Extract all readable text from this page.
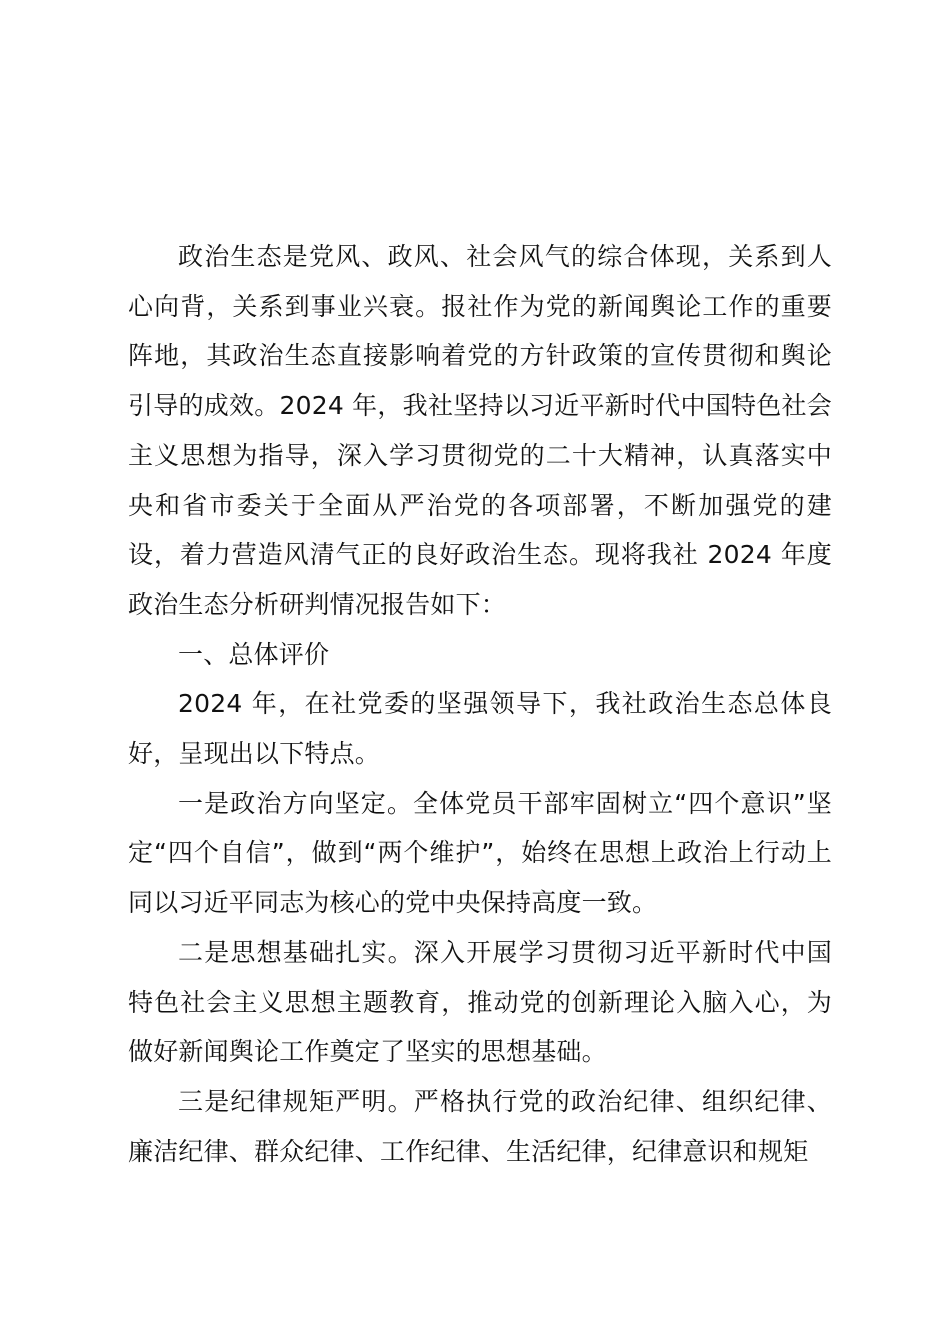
政治生态是党风、政风、社会风气的综合体现，关系到人心向背，关系到事业兴衰。报社作为党的新闻舆论工作的重要阵地，其政治生态直接影响着党的方针政策的宣传贯彻和舆论引导的成效。2024 年，我社坚持以习近平新时代中国特色社会主义思想为指导，深入学习贯彻党的二十大精神，认真落实中央和省市委关于全面从严治党的各项部署，不断加强党的建设，着力营造风清气正的良好政治生态。现将我社 2024 年度政治生态分析研判情况报告如下：

一、总体评价

2024 年，在社党委的坚强领导下，我社政治生态总体良好，呈现出以下特点。

一是政治方向坚定。全体党员干部牢固树立“四个意识”坚定“四个自信”，做到“两个维护”，始终在思想上政治上行动上同以习近平同志为核心的党中央保持高度一致。

二是思想基础扎实。深入开展学习贯彻习近平新时代中国特色社会主义思想主题教育，推动党的创新理论入脑入心，为做好新闻舆论工作奠定了坚实的思想基础。

三是纪律规矩严明。严格执行党的政治纪律、组织纪律、廉洁纪律、群众纪律、工作纪律、生活纪律，纪律意识和规矩
